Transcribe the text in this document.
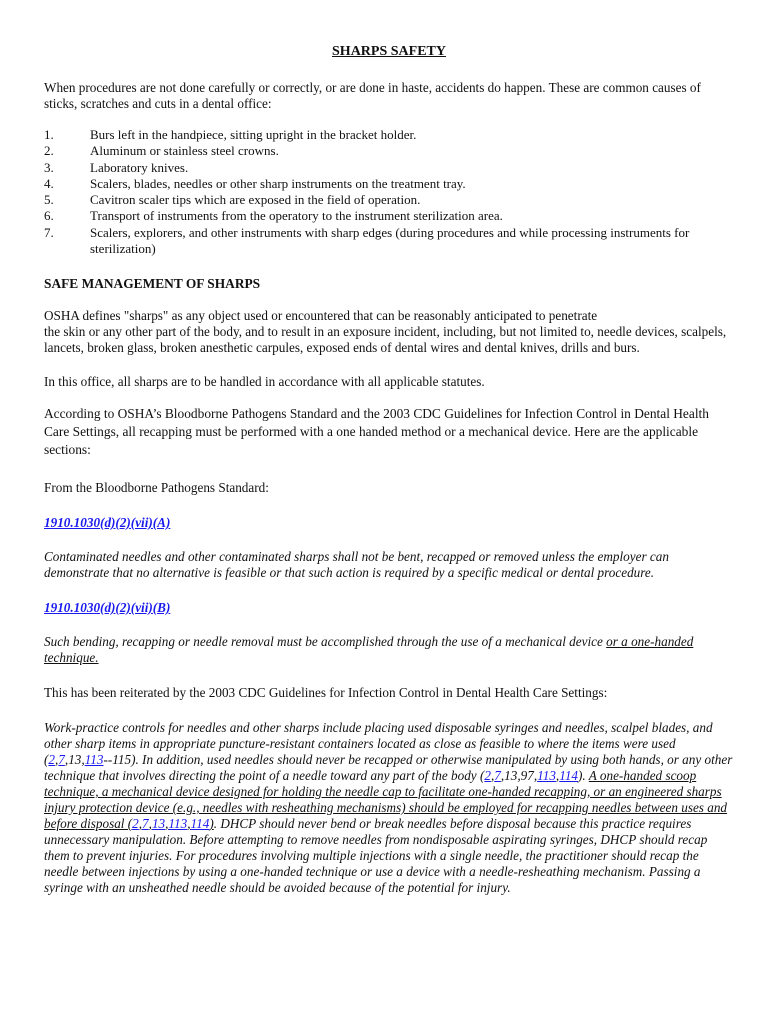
SHARPS SAFETY

When procedures are not done carefully or correctly, or are done in haste, accidents do happen. These are common causes of sticks, scratches and cuts in a dental office:

1.	Burs left in the handpiece, sitting upright in the bracket holder.
2.	Aluminum or stainless steel crowns.
3.	Laboratory knives.
4.	Scalers, blades, needles or other sharp instruments on the treatment tray.
5.	Cavitron scaler tips which are exposed in the field of operation.
6.	Transport of instruments from the operatory to the instrument sterilization area.
7.	Scalers, explorers, and other instruments with sharp edges (during procedures and while processing instruments for sterilization)
SAFE MANAGEMENT OF SHARPS
OSHA defines "sharps" as any object used or encountered that can be reasonably anticipated to penetrate
the skin or any other part of the body, and to result in an exposure incident, including, but not limited to, needle devices, scalpels, lancets, broken glass, broken anesthetic carpules, exposed ends of dental wires and dental knives, drills and burs.

In this office, all sharps are to be handled in accordance with all applicable statutes.

According to OSHA’s Bloodborne Pathogens Standard and the 2003 CDC Guidelines for Infection Control in Dental Health Care Settings, all recapping must be performed with a one handed method or a mechanical device. Here are the applicable sections:

From the Bloodborne Pathogens Standard:

1910.1030(d)(2)(vii)(A)

Contaminated needles and other contaminated sharps shall not be bent, recapped or removed unless the employer can demonstrate that no alternative is feasible or that such action is required by a specific medical or dental procedure.

1910.1030(d)(2)(vii)(B)

Such bending, recapping or needle removal must be accomplished through the use of a mechanical device or a one-handed technique.

This has been reiterated by the 2003 CDC Guidelines for Infection Control in Dental Health Care Settings:

Work-practice controls for needles and other sharps include placing used disposable syringes and needles, scalpel blades, and other sharp items in appropriate puncture-resistant containers located as close as feasible to where the items were used (2,7,13,113--115). In addition, used needles should never be recapped or otherwise manipulated by using both hands, or any other technique that involves directing the point of a needle toward any part of the body (2,7,13,97,113,114). A one-handed scoop technique, a mechanical device designed for holding the needle cap to facilitate one-handed recapping, or an engineered sharps injury protection device (e.g., needles with resheathing mechanisms) should be employed for recapping needles between uses and before disposal (2,7,13,113,114). DHCP should never bend or break needles before disposal because this practice requires unnecessary manipulation. Before attempting to remove needles from nondisposable aspirating syringes, DHCP should recap them to prevent injuries. For procedures involving multiple injections with a single needle, the practitioner should recap the needle between injections by using a one-handed technique or use a device with a needle-resheathing mechanism. Passing a syringe with an unsheathed needle should be avoided because of the potential for injury.
